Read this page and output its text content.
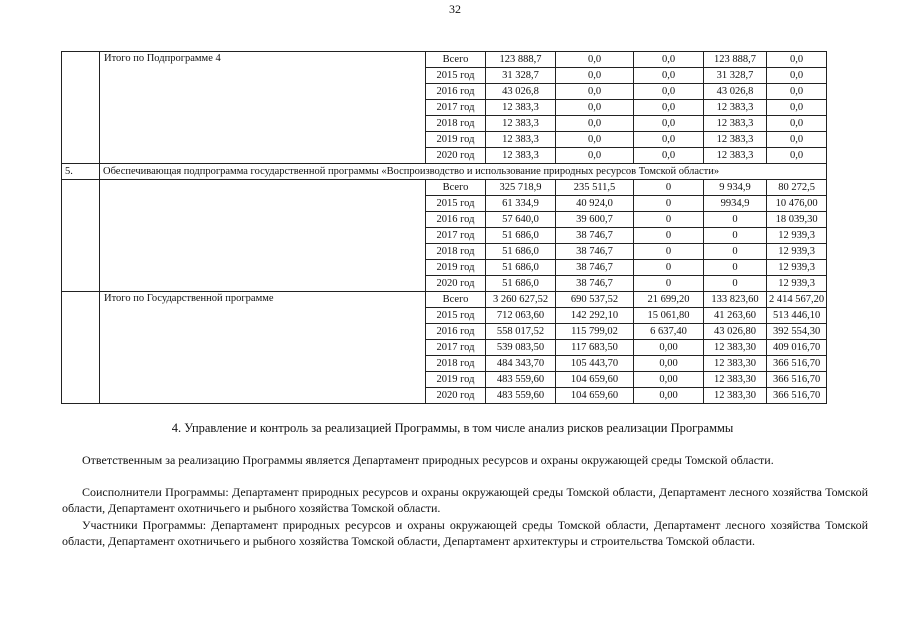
32
	Итого по Подпрограмме 4	Всего	123 888,7	0,0	0,0	123 888,7	0,0
		2015 год	31 328,7	0,0	0,0	31 328,7	0,0
		2016 год	43 026,8	0,0	0,0	43 026,8	0,0
		2017 год	12 383,3	0,0	0,0	12 383,3	0,0
		2018 год	12 383,3	0,0	0,0	12 383,3	0,0
		2019 год	12 383,3	0,0	0,0	12 383,3	0,0
		2020 год	12 383,3	0,0	0,0	12 383,3	0,0
5.	Обеспечивающая подпрограмма государственной программы «Воспроизводство и использование природных ресурсов Томской области»						
		Всего	325 718,9	235 511,5	0	9 934,9	80 272,5
		2015 год	61 334,9	40 924,0	0	9934,9	10 476,00
		2016 год	57 640,0	39 600,7	0	0	18 039,30
		2017 год	51 686,0	38 746,7	0	0	12 939,3
		2018 год	51 686,0	38 746,7	0	0	12 939,3
		2019 год	51 686,0	38 746,7	0	0	12 939,3
		2020 год	51 686,0	38 746,7	0	0	12 939,3
	Итого по Государственной программе	Всего	3 260 627,52	690 537,52	21 699,20	133 823,60	2 414 567,20
		2015 год	712 063,60	142 292,10	15 061,80	41 263,60	513 446,10
		2016 год	558 017,52	115 799,02	6 637,40	43 026,80	392 554,30
		2017 год	539 083,50	117 683,50	0,00	12 383,30	409 016,70
		2018 год	484 343,70	105 443,70	0,00	12 383,30	366 516,70
		2019 год	483 559,60	104 659,60	0,00	12 383,30	366 516,70
		2020 год	483 559,60	104 659,60	0,00	12 383,30	366 516,70
4. Управление и контроль за реализацией Программы, в том числе анализ рисков реализации Программы
Ответственным за реализацию Программы является Департамент природных ресурсов и охраны окружающей среды Томской области.
Соисполнители Программы: Департамент природных ресурсов и охраны окружающей среды Томской области, Департамент лесного хозяйства Томской области, Департамент охотничьего и рыбного хозяйства Томской области.
Участники Программы: Департамент природных ресурсов и охраны окружающей среды Томской области, Департамент лесного хозяйства Томской области, Департамент охотничьего и рыбного хозяйства Томской области, Департамент архитектуры и строительства Томской области.
